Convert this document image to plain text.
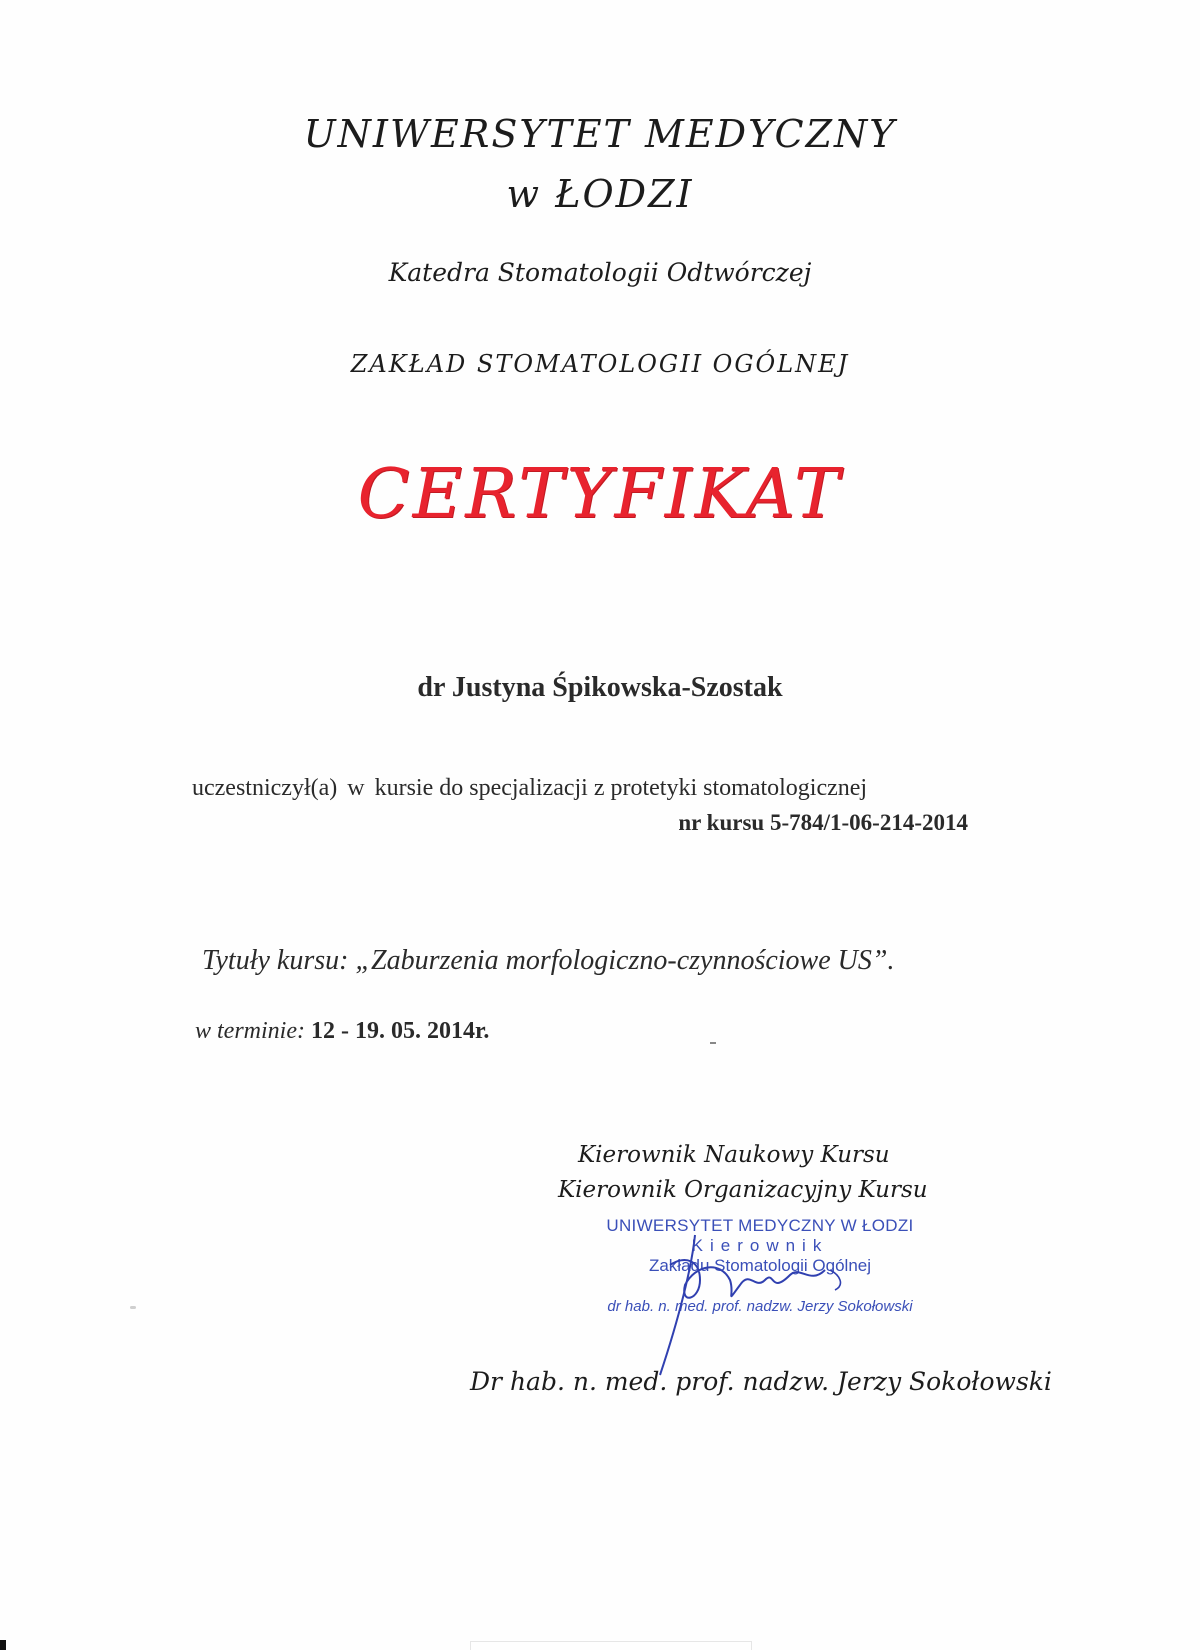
UNIWERSYTET MEDYCZNY
w ŁODZI
Katedra Stomatologii Odtwórczej
ZAKŁAD STOMATOLOGII OGÓLNEJ
CERTYFIKAT
dr Justyna Śpikowska-Szostak
uczestniczył(a) w kursie do specjalizacji z protetyki stomatologicznej
nr kursu 5-784/1-06-214-2014
Tytuły kursu: „Zaburzenia morfologiczno-czynnościowe US”.
w terminie: 12 - 19. 05. 2014r.
Kierownik Naukowy Kursu
Kierownik Organizacyjny Kursu
UNIWERSYTET MEDYCZNY W ŁODZI
Kierownik
Zakładu Stomatologii Ogólnej
dr hab. n. med. prof. nadzw. Jerzy Sokołowski
Dr hab. n. med. prof. nadzw. Jerzy Sokołowski
